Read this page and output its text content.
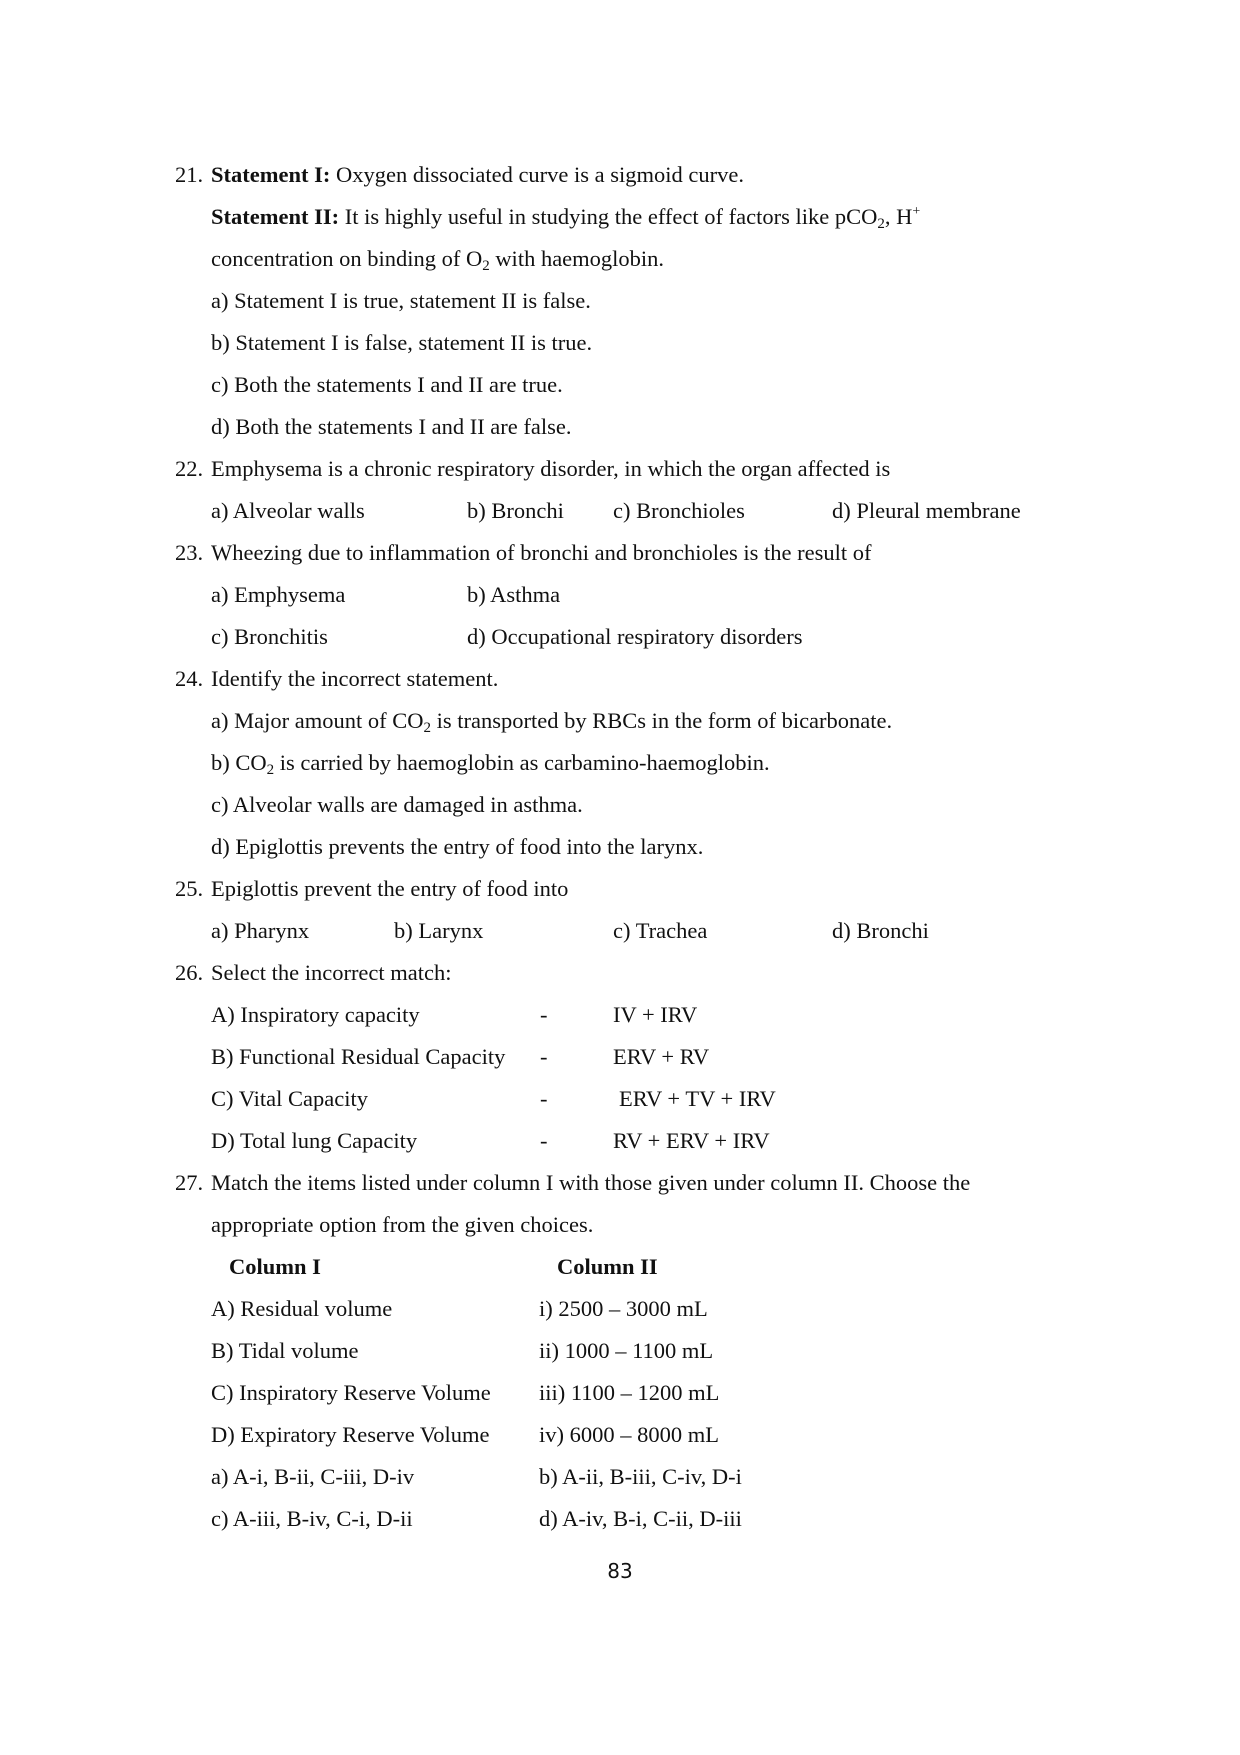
21. Statement I: Oxygen dissociated curve is a sigmoid curve.
Statement II: It is highly useful in studying the effect of factors like pCO$_2$, H+
concentration on binding of $O_2$ with haemoglobin.
a) Statement I is true, statement II is false.
b) Statement I is false, statement II is true.
c) Both the statements I and II are true.
d) Both the statements I and II are false.
22. Emphysema is a chronic respiratory disorder, in which the organ affected is
a) Alveolar walls	b) Bronchi c) Bronchioles	d) Pleural membrane
23. Wheezing due to inflammation of bronchi and bronchioles is the result of
a) Emphysema	b) Asthma
c) Bronchitis	d) Occupational respiratory disorders
24. Identify the incorrect statement.
a) Major amount of $CO_2$ is transported by RBCs in the form of bicarbonate.
b) $CO_2$ is carried by haemoglobin as carbamino-haemoglobin.
c) Alveolar walls are damaged in asthma.
d) Epiglottis prevents the entry of food into the larynx.
25. Epiglottis prevent the entry of food into
a) Pharynx	b) Larynx	c) Trachea	d) Bronchi
26. Select the incorrect match:
A) Inspiratory capacity	-	IV + IRV
B) Functional Residual Capacity -	ERV + RV
C) Vital Capacity	-	ERV + TV + IRV
D) Total lung Capacity	-	RV + ERV + IRV
27. Match the items listed under column I with those given under column II. Choose the
appropriate option from the given choices.
Column I	Column II
A) Residual volume	i) 2500 – 3000 mL
B) Tidal volume	ii) 1000 – 1100 mL
C) Inspiratory Reserve Volume iii) 1100 – 1200 mL
D) Expiratory Reserve Volume iv) 6000 – 8000 mL
a) A-i, B-ii, C-iii, D-iv	b) A-ii, B-iii, C-iv, D-i
c) A-iii, B-iv, C-i, D-ii	d) A-iv, B-i, C-ii, D-iii
83
